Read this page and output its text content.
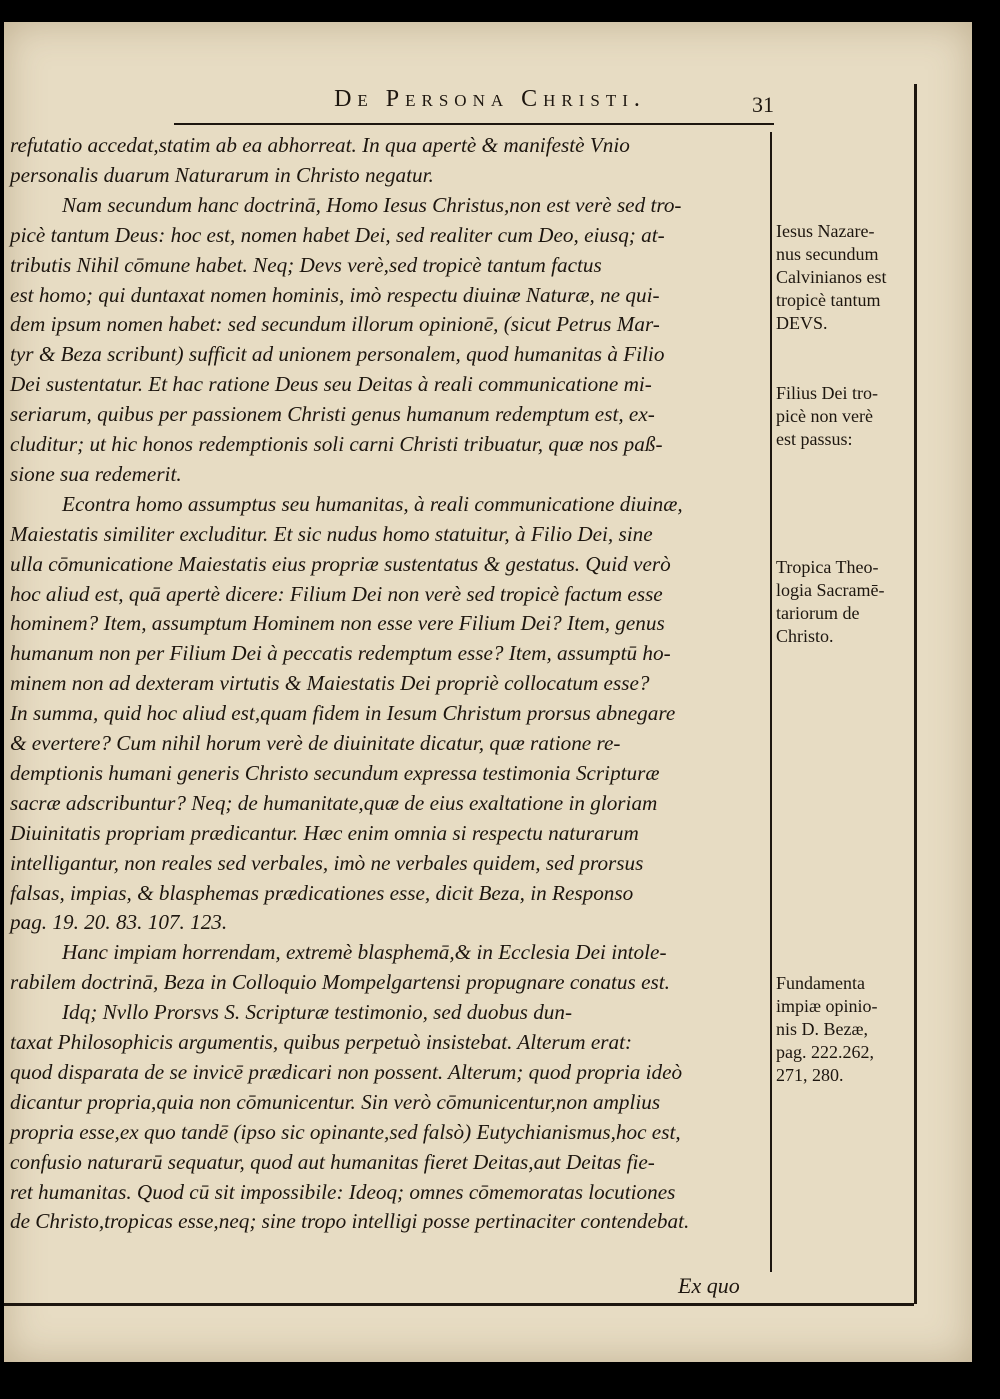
De Persona Christi.	31
refutatio accedat,statim ab ea abhorreat. In qua apertè & manifestè Vnio
personalis duarum Naturarum in Christo negatur.
Nam secundum hanc doctrinā, Homo Iesus Christus,non est verè sed tro-
picè tantum Deus: hoc est, nomen habet Dei, sed realiter cum Deo, eiusq; at-
tributis Nihil cōmune habet. Neq; Devs verè,sed tropicè tantum factus
est homo; qui duntaxat nomen hominis, imò respectu diuinæ Naturæ, ne qui-
dem ipsum nomen habet: sed secundum illorum opinionē, (sicut Petrus Mar-
tyr & Beza scribunt) sufficit ad unionem personalem, quod humanitas à Filio
Dei sustentatur. Et hac ratione Deus seu Deitas à reali communicatione mi-
seriarum, quibus per passionem Christi genus humanum redemptum est, ex-
cluditur; ut hic honos redemptionis soli carni Christi tribuatur, quæ nos paß-
sione sua redemerit.
Econtra homo assumptus seu humanitas, à reali communicatione diuinæ,
Maiestatis similiter excluditur. Et sic nudus homo statuitur, à Filio Dei, sine
ulla cōmunicatione Maiestatis eius propriæ sustentatus & gestatus. Quid verò
hoc aliud est, quā apertè dicere: Filium Dei non verè sed tropicè factum esse
hominem? Item, assumptum Hominem non esse vere Filium Dei? Item, genus
humanum non per Filium Dei à peccatis redemptum esse? Item, assumptū ho-
minem non ad dexteram virtutis & Maiestatis Dei propriè collocatum esse?
In summa, quid hoc aliud est,quam fidem in Iesum Christum prorsus abnegare
& evertere? Cum nihil horum verè de diuinitate dicatur, quæ ratione re-
demptionis humani generis Christo secundum expressa testimonia Scripturæ
sacræ adscribuntur? Neq; de humanitate,quæ de eius exaltatione in gloriam
Diuinitatis propriam prædicantur. Hæc enim omnia si respectu naturarum
intelligantur, non reales sed verbales, imò ne verbales quidem, sed prorsus
falsas, impias, & blasphemas prædicationes esse, dicit Beza, in Responso
pag. 19. 20. 83. 107. 123.
Hanc impiam horrendam, extremè blasphemā,& in Ecclesia Dei intole-
rabilem doctrinā, Beza in Colloquio Mompelgartensi propugnare conatus est.
Idq; Nvllo Prorsvs S. Scripturæ testimonio, sed duobus dun-
taxat Philosophicis argumentis, quibus perpetuò insistebat. Alterum erat:
quod disparata de se invicē prædicari non possent. Alterum; quod propria ideò
dicantur propria,quia non cōmunicentur. Sin verò cōmunicentur,non amplius
propria esse,ex quo tandē (ipso sic opinante,sed falsò) Eutychianismus,hoc est,
confusio naturarū sequatur, quod aut humanitas fieret Deitas,aut Deitas fie-
ret humanitas. Quod cū sit impossibile: Ideoq; omnes cōmemoratas locutiones
de Christo,tropicas esse,neq; sine tropo intelligi posse pertinaciter contendebat.
Iesus Nazare-
nus secundum
Calvinianos est
tropicè tantum
DEVS.
Filius Dei tro-
picè non verè
est passus:
Tropica Theo-
logia Sacramē-
tariorum de
Christo.
Fundamenta
impiæ opinio-
nis D. Bezæ,
pag. 222.262,
271, 280.
Ex quo
